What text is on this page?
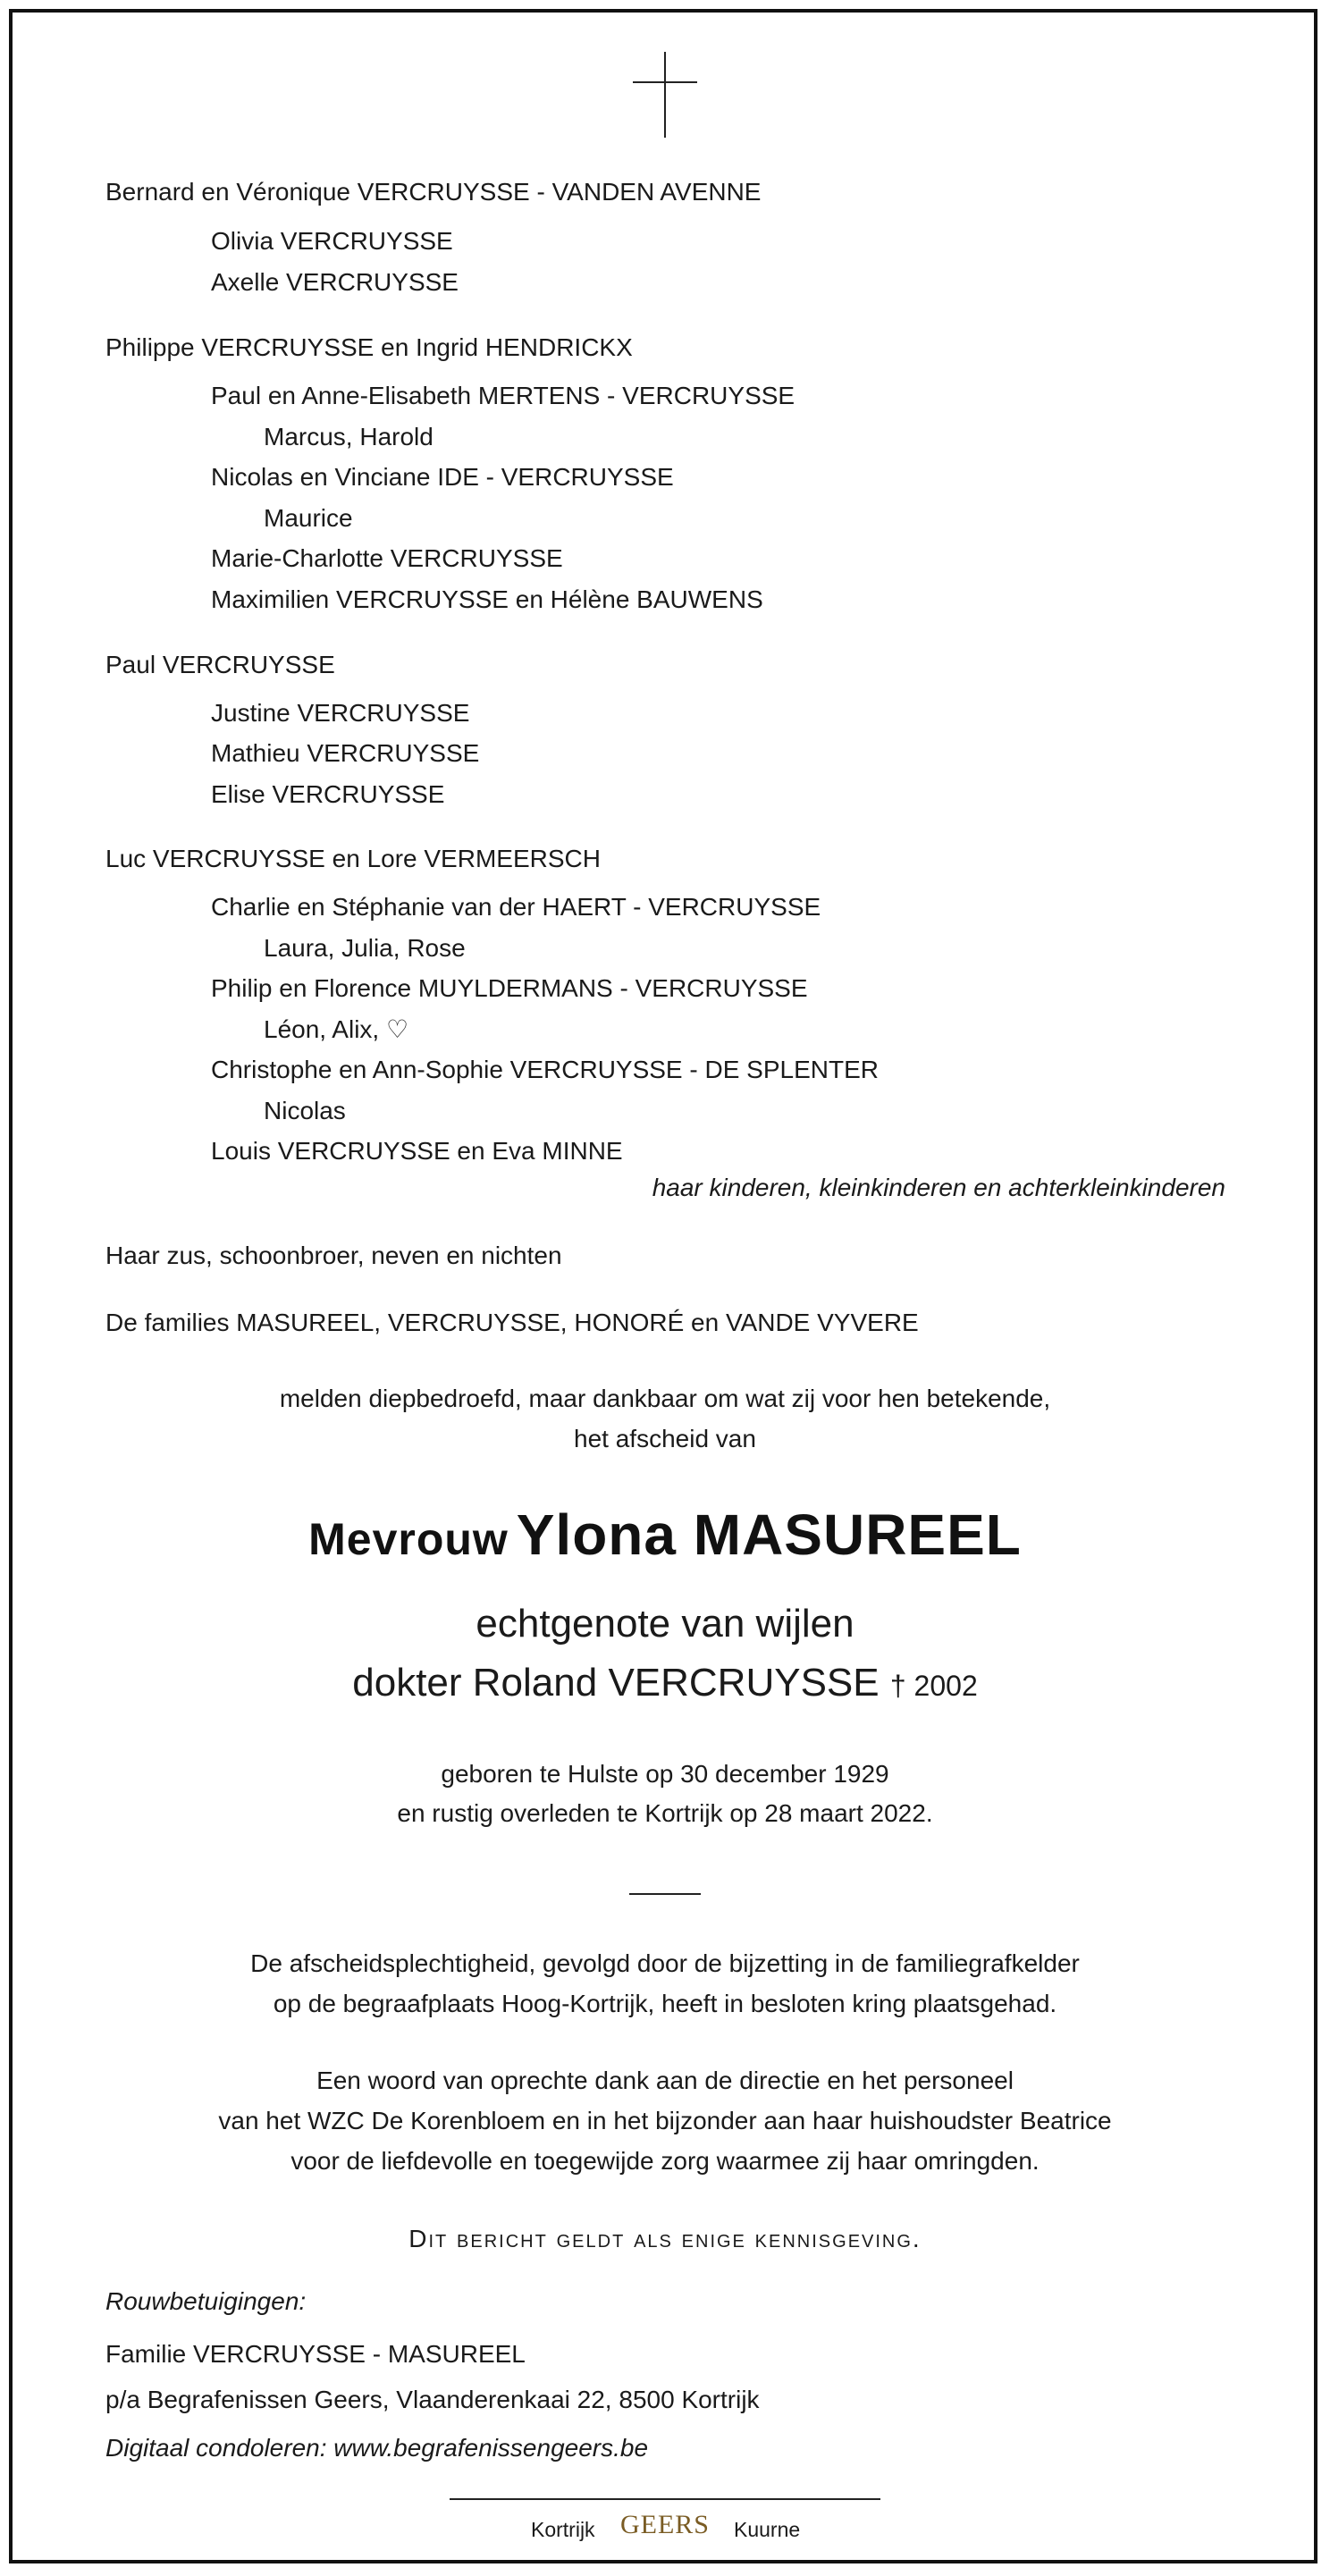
Bernard en Véronique VERCRUYSSE - VANDEN AVENNE
Olivia VERCRUYSSE
Axelle VERCRUYSSE
Philippe VERCRUYSSE en Ingrid HENDRICKX
Paul en Anne-Elisabeth MERTENS - VERCRUYSSE
Marcus, Harold
Nicolas en Vinciane IDE - VERCRUYSSE
Maurice
Marie-Charlotte VERCRUYSSE
Maximilien VERCRUYSSE en Hélène BAUWENS
Paul VERCRUYSSE
Justine VERCRUYSSE
Mathieu VERCRUYSSE
Elise VERCRUYSSE
Luc VERCRUYSSE en Lore VERMEERSCH
Charlie en Stéphanie van der HAERT - VERCRUYSSE
Laura, Julia, Rose
Philip en Florence MUYLDERMANS - VERCRUYSSE
Léon, Alix, ♡
Christophe en Ann-Sophie VERCRUYSSE - DE SPLENTER
Nicolas
Louis VERCRUYSSE en Eva MINNE
haar kinderen, kleinkinderen en achterkleinkinderen
Haar zus, schoonbroer, neven en nichten
De families MASUREEL, VERCRUYSSE, HONORÉ en VANDE VYVERE
melden diepbedroefd, maar dankbaar om wat zij voor hen betekende,
het afscheid van
Mevrouw Ylona MASUREEL
echtgenote van wijlen
dokter Roland VERCRUYSSE † 2002
geboren te Hulste op 30 december 1929
en rustig overleden te Kortrijk op 28 maart 2022.
De afscheidsplechtigheid, gevolgd door de bijzetting in de familiegrafkelder
op de begraafplaats Hoog-Kortrijk, heeft in besloten kring plaatsgehad.
Een woord van oprechte dank aan de directie en het personeel
van het WZC De Korenbloem en in het bijzonder aan haar huishoudster Beatrice
voor de liefdevolle en toegewijde zorg waarmee zij haar omringden.
Dit bericht geldt als enige kennisgeving.
Rouwbetuigingen:
Familie VERCRUYSSE - MASUREEL
p/a Begrafenissen Geers, Vlaanderenkaai 22, 8500 Kortrijk
Digitaal condoleren: www.begrafenissengeers.be
Kortrijk GEERS Kuurne
